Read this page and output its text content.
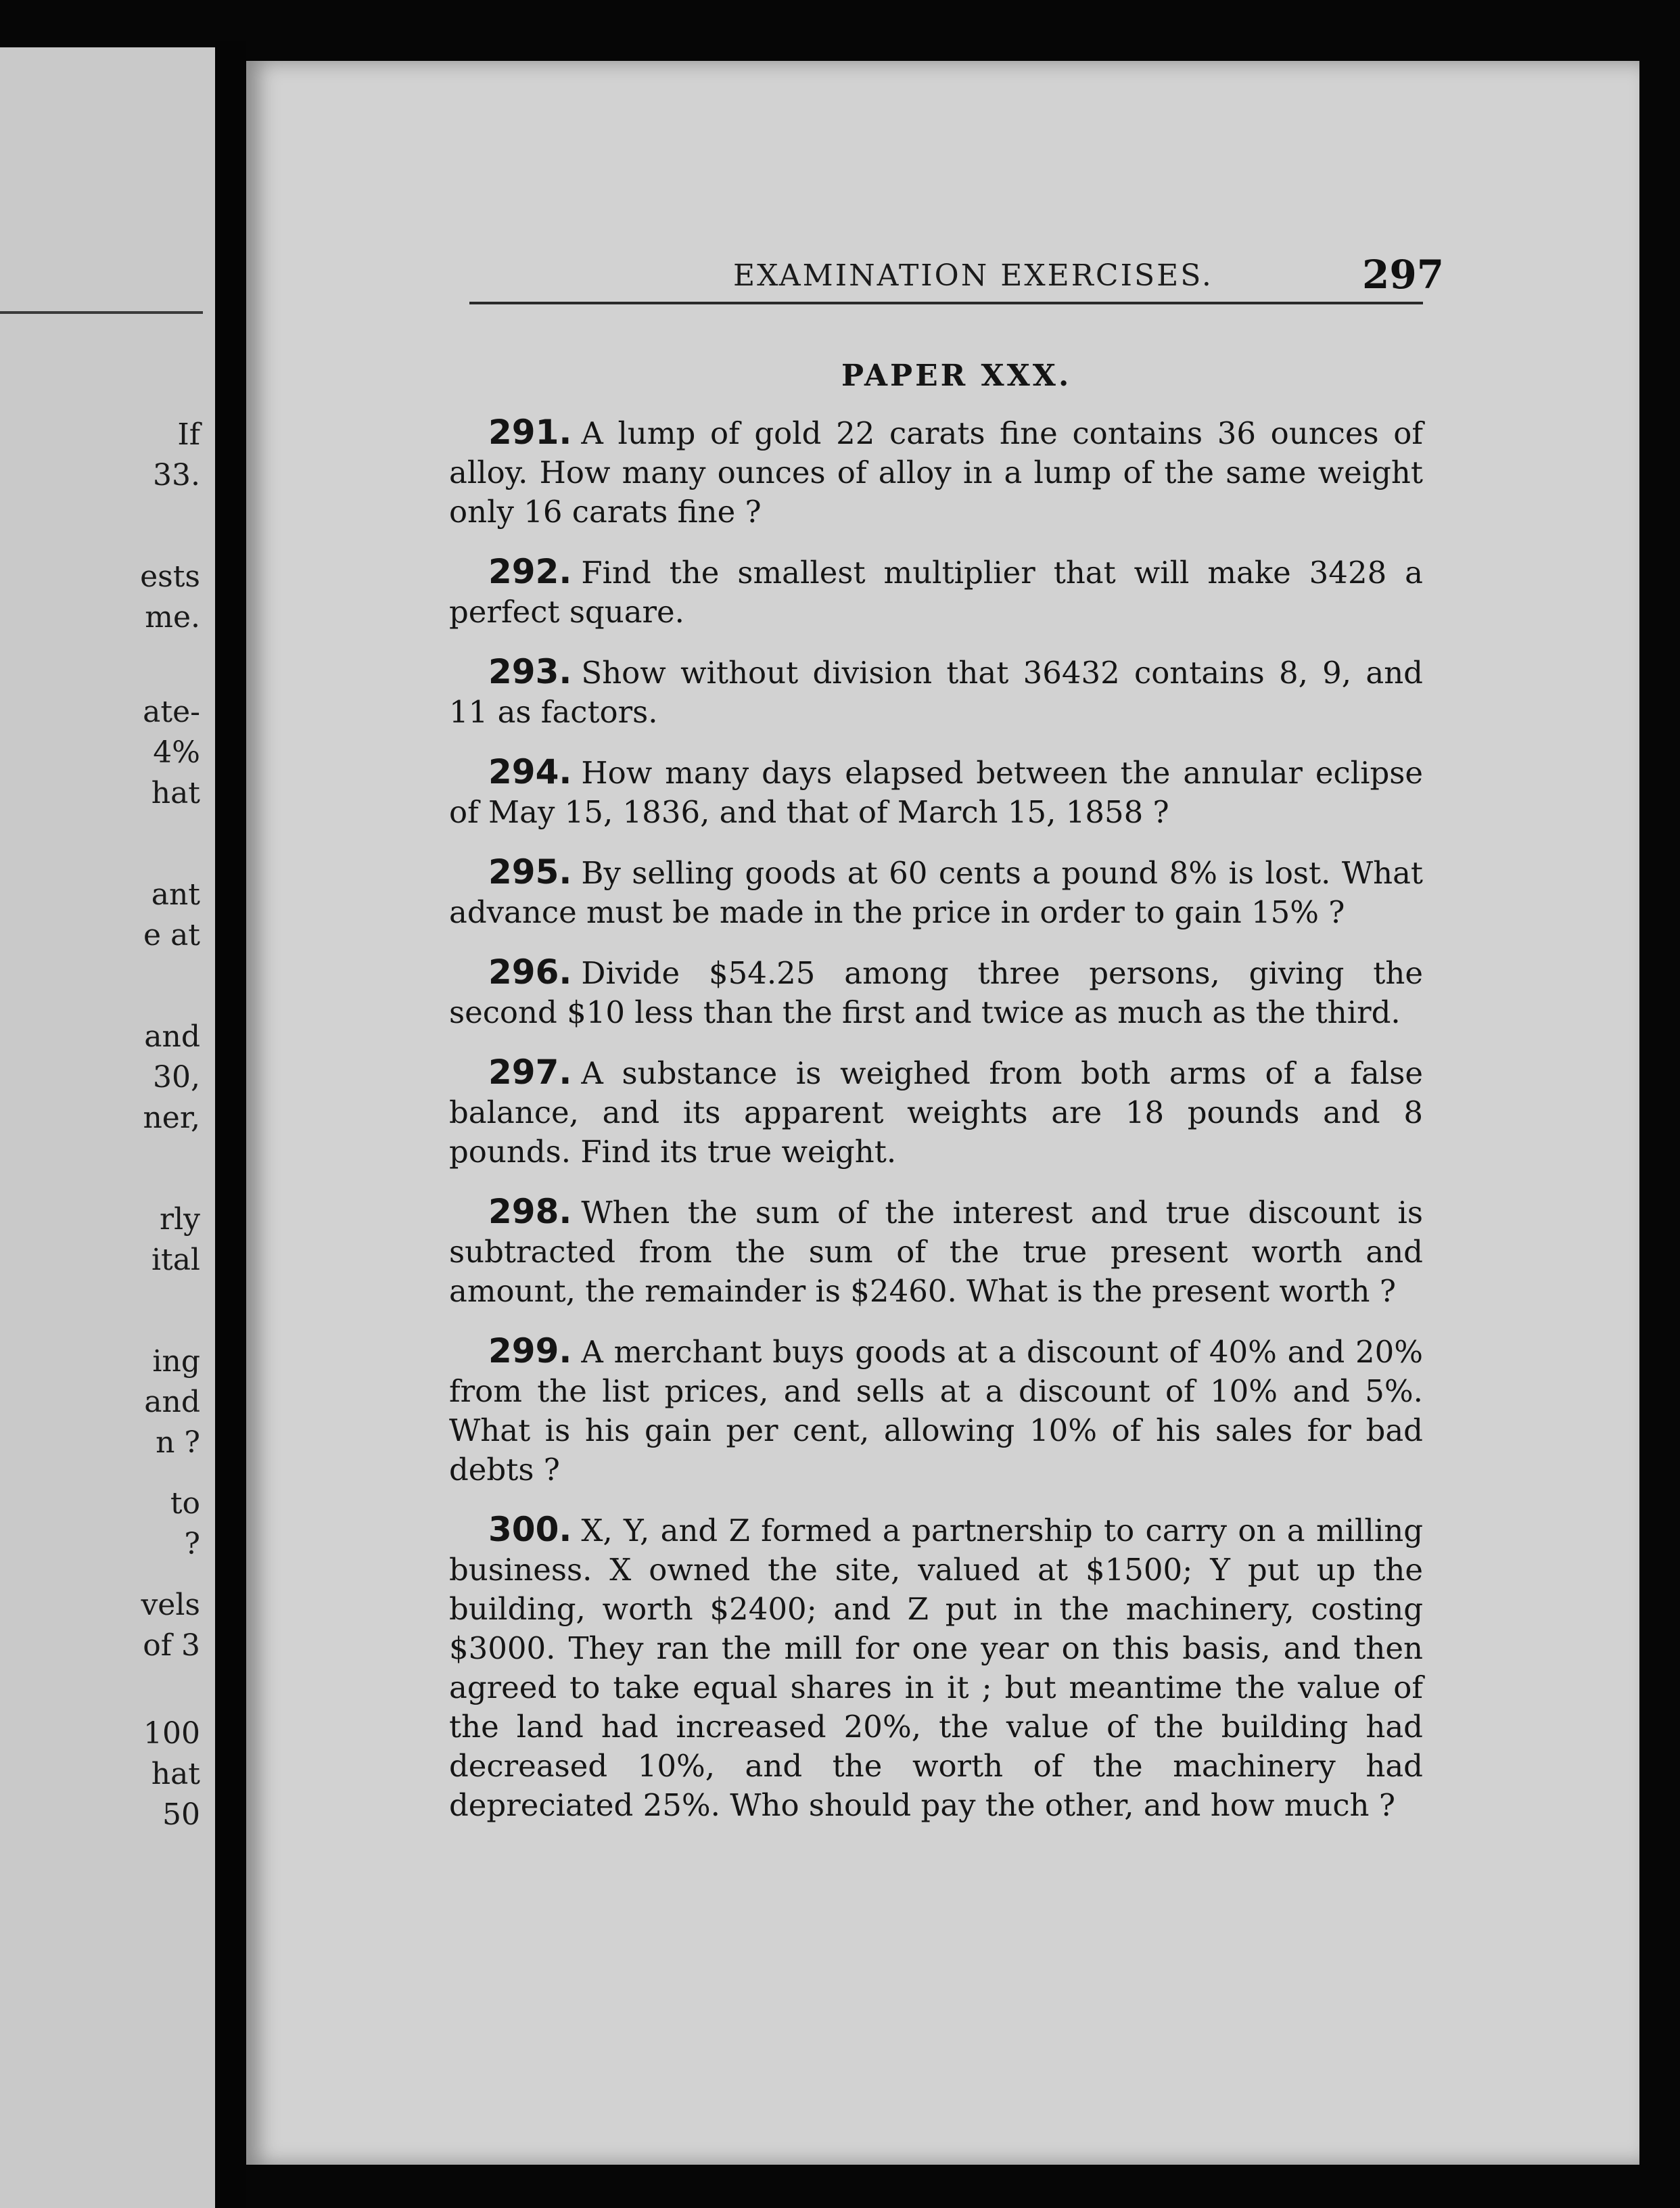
If
33.
ests
me.
ate-
4%
hat
ant
e at
and
30,
ner,
rly
ital
ing
and
n ?
to
?
vels
of 3
100
hat
50
EXAMINATION EXERCISES.	297
PAPER XXX.

291. A lump of gold 22 carats fine contains 36 ounces of alloy. How many ounces of alloy in a lump of the same weight only 16 carats fine ?

292. Find the smallest multiplier that will make 3428 a perfect square.

293. Show without division that 36432 contains 8, 9, and 11 as factors.

294. How many days elapsed between the annular eclipse of May 15, 1836, and that of March 15, 1858 ?

295. By selling goods at 60 cents a pound 8% is lost. What advance must be made in the price in order to gain 15% ?

296. Divide $54.25 among three persons, giving the second $10 less than the first and twice as much as the third.

297. A substance is weighed from both arms of a false balance, and its apparent weights are 18 pounds and 8 pounds. Find its true weight.

298. When the sum of the interest and true discount is subtracted from the sum of the true present worth and amount, the remainder is $2460. What is the present worth ?

299. A merchant buys goods at a discount of 40% and 20% from the list prices, and sells at a discount of 10% and 5%. What is his gain per cent, allowing 10% of his sales for bad debts ?

300. X, Y, and Z formed a partnership to carry on a milling business. X owned the site, valued at $1500; Y put up the building, worth $2400; and Z put in the machinery, costing $3000. They ran the mill for one year on this basis, and then agreed to take equal shares in it ; but meantime the value of the land had increased 20%, the value of the building had decreased 10%, and the worth of the machinery had depreciated 25%. Who should pay the other, and how much ?
